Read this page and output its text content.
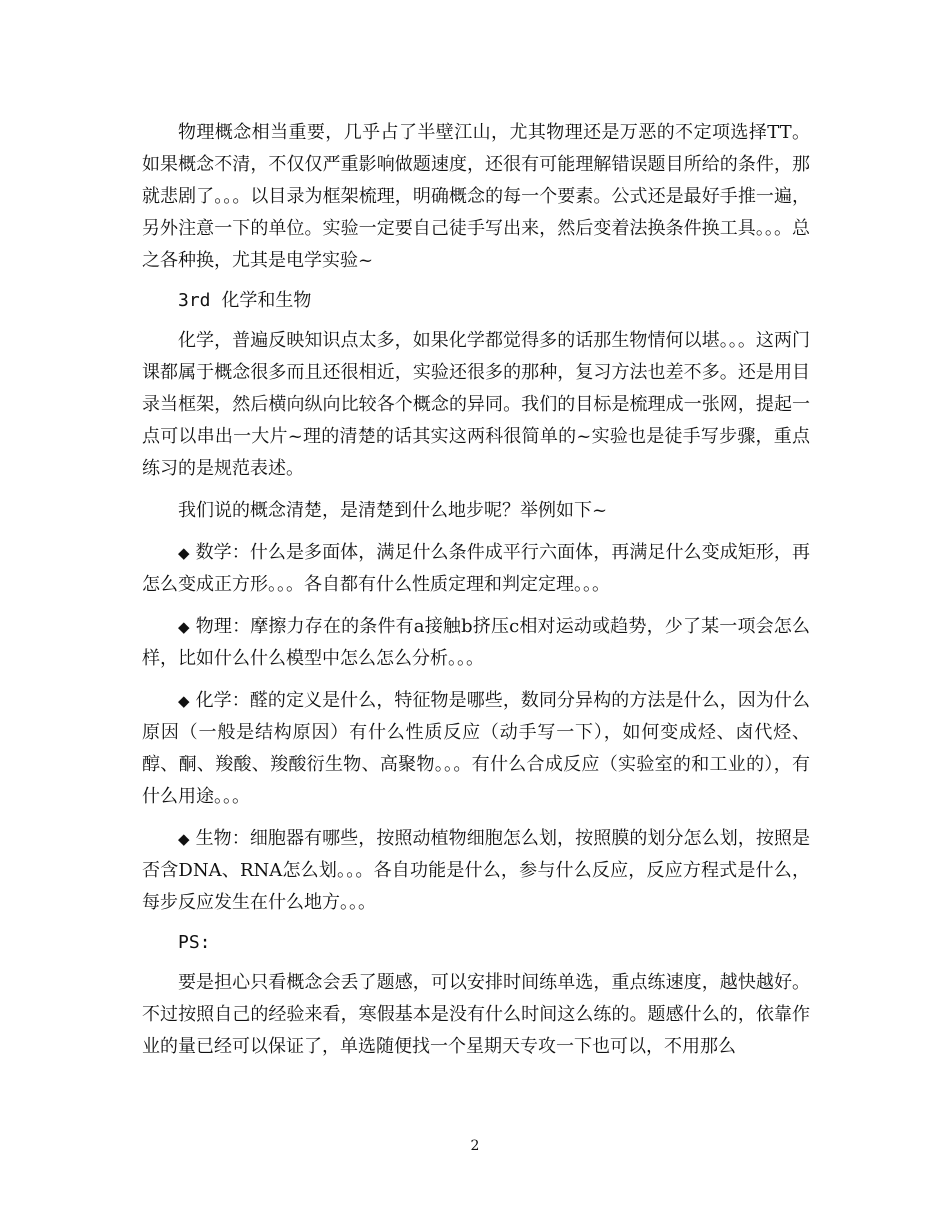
物理概念相当重要，几乎占了半壁江山，尤其物理还是万恶的不定项选择TT。如果概念不清，不仅仅严重影响做题速度，还很有可能理解错误题目所给的条件，那就悲剧了。。。以目录为框架梳理，明确概念的每一个要素。公式还是最好手推一遍，另外注意一下的单位。实验一定要自己徒手写出来，然后变着法换条件换工具。。。总之各种换，尤其是电学实验~

3rd 化学和生物

化学，普遍反映知识点太多，如果化学都觉得多的话那生物情何以堪。。。这两门课都属于概念很多而且还很相近，实验还很多的那种，复习方法也差不多。还是用目录当框架，然后横向纵向比较各个概念的异同。我们的目标是梳理成一张网，提起一点可以串出一大片~理的清楚的话其实这两科很简单的~实验也是徒手写步骤，重点练习的是规范表述。

我们说的概念清楚，是清楚到什么地步呢？举例如下~

◆ 数学：什么是多面体，满足什么条件成平行六面体，再满足什么变成矩形，再怎么变成正方形。。。各自都有什么性质定理和判定定理。。。

◆ 物理：摩擦力存在的条件有a接触b挤压c相对运动或趋势，少了某一项会怎么样，比如什么什么模型中怎么怎么分析。。。

◆ 化学：醛的定义是什么，特征物是哪些，数同分异构的方法是什么，因为什么原因（一般是结构原因）有什么性质反应（动手写一下），如何变成烃、卤代烃、醇、酮、羧酸、羧酸衍生物、高聚物。。。有什么合成反应（实验室的和工业的），有什么用途。。。

◆ 生物：细胞器有哪些，按照动植物细胞怎么划，按照膜的划分怎么划，按照是否含DNA、RNA怎么划。。。各自功能是什么，参与什么反应，反应方程式是什么，每步反应发生在什么地方。。。

PS:

要是担心只看概念会丢了题感，可以安排时间练单选，重点练速度，越快越好。不过按照自己的经验来看，寒假基本是没有什么时间这么练的。题感什么的，依靠作业的量已经可以保证了，单选随便找一个星期天专攻一下也可以，不用那么

2
